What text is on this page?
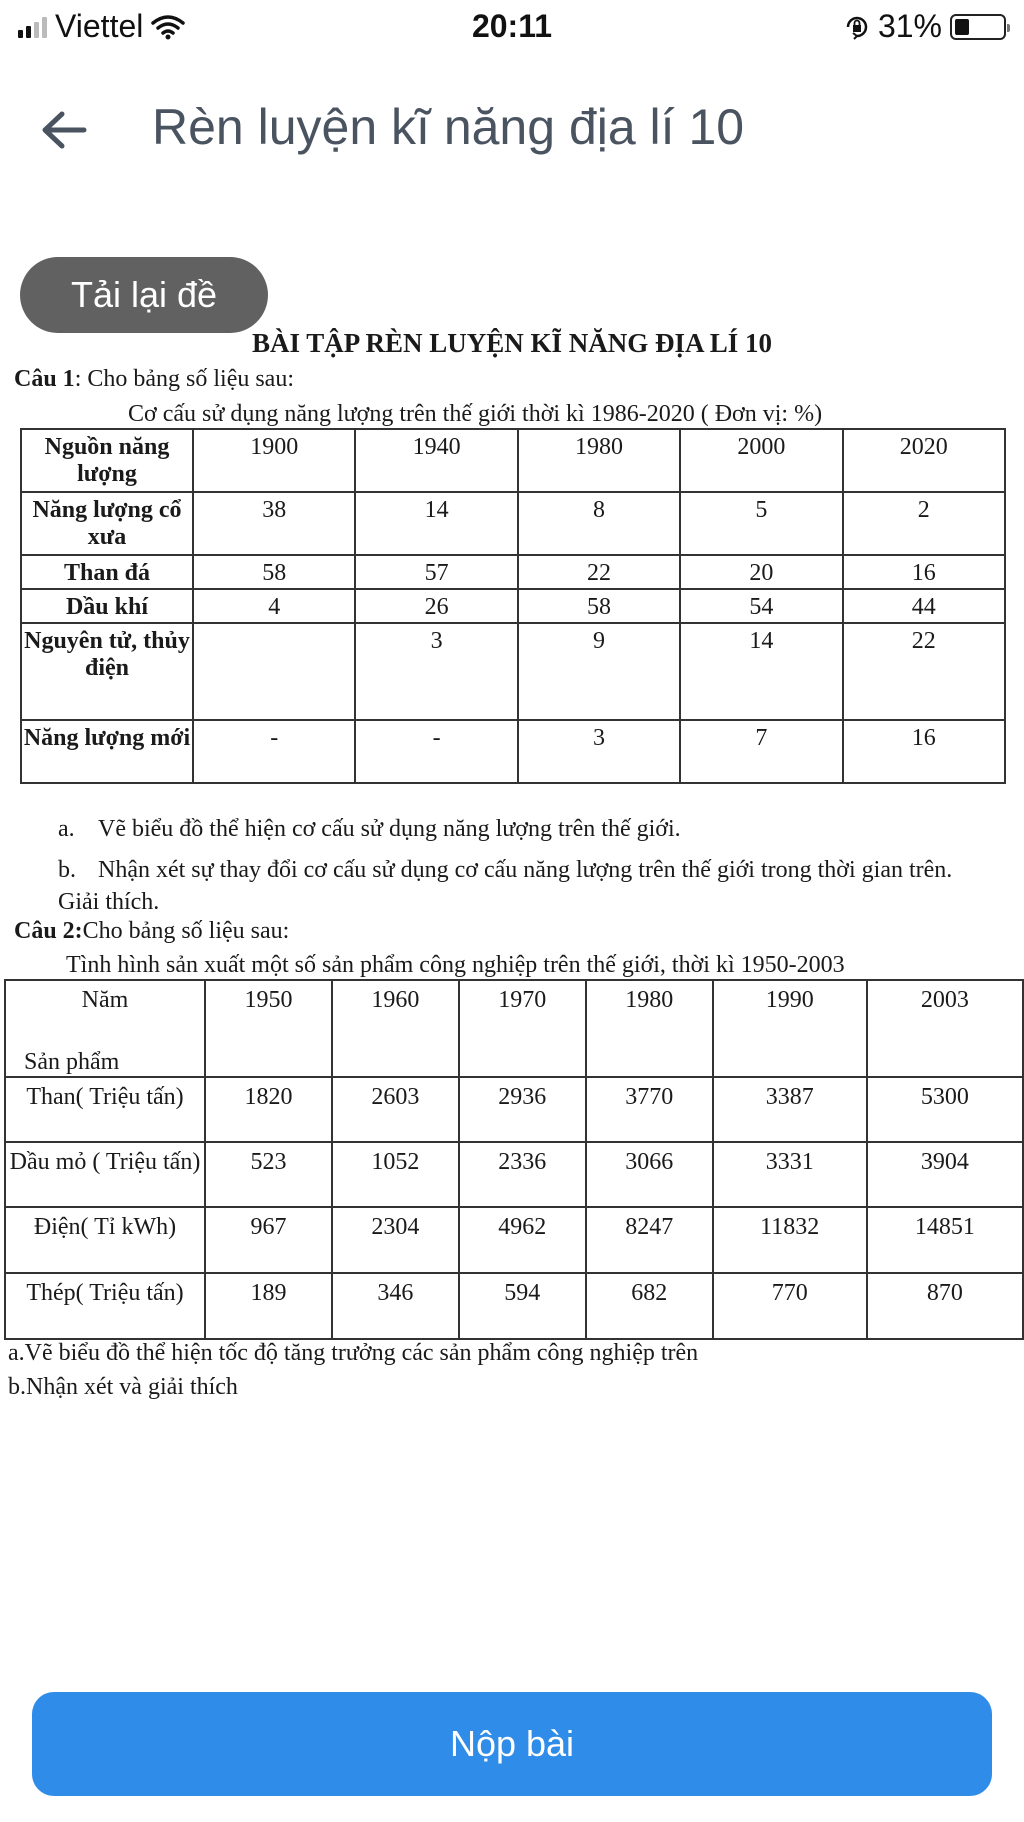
Viettel	20:11	31%
Rèn luyện kĩ năng địa lí 10
Tải lại đề
BÀI TẬP RÈN LUYỆN KĨ NĂNG ĐỊA LÍ 10
Câu 1: Cho bảng số liệu sau:
Cơ cấu sử dụng năng lượng trên thế giới thời kì 1986-2020 ( Đơn vị: %)
Nguồn năng lượng	1900	1940	1980	2000	2020
Năng lượng cổ xưa	38	14	8	5	2
Than đá	58	57	22	20	16
Dầu khí	4	26	58	54	44
Nguyên tử, thủy điện		3	9	14	22
Năng lượng mới	-	-	3	7	16
a. Vẽ biểu đồ thể hiện cơ cấu sử dụng năng lượng trên thế giới.
b. Nhận xét sự thay đổi cơ cấu sử dụng cơ cấu năng lượng trên thế giới trong thời gian trên. Giải thích.
Câu 2:Cho bảng số liệu sau:
Tình hình sản xuất một số sản phẩm công nghiệp trên thế giới, thời kì 1950-2003
Năm
Sản phẩm	1950	1960	1970	1980	1990	2003
Than( Triệu tấn)	1820	2603	2936	3770	3387	5300
Dầu mỏ ( Triệu tấn)	523	1052	2336	3066	3331	3904
Điện( Tỉ kWh)	967	2304	4962	8247	11832	14851
Thép( Triệu tấn)	189	346	594	682	770	870
a.Vẽ biểu đồ thể hiện tốc độ tăng trưởng các sản phẩm công nghiệp trên
b.Nhận xét và giải thích
Nộp bài
